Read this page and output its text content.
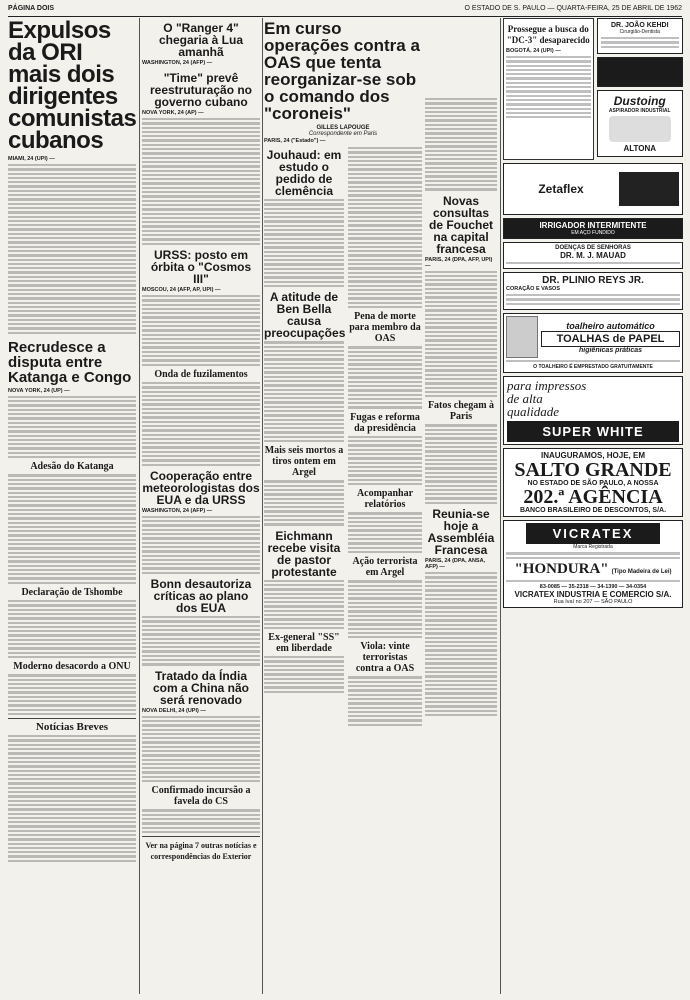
PÁGINA DOIS	O ESTADO DE S. PAULO — QUARTA-FEIRA, 25 DE ABRIL DE 1962
Expulsos da ORI mais dois dirigentes comunistas cubanos
MIAMI, 24 (UPI) —
Recrudesce a disputa entre Katanga e Congo
NOVA YORK, 24 (UP) —
Adesão do Katanga
Declaração de Tshombe
Moderno desacordo a ONU
Notícias Breves
"Time" prevê reestruturação no governo cubano
NOVA YORK, 24 (AP) —
URSS: posto em órbita o "Cosmos III"
MOSCOU, 24 (AFP, AP, UPI) —
Onda de fuzilamentos
Cooperação entre meteorologistas dos EUA e da URSS
WASHINGTON, 24 (AFP) —
Bonn desautoriza críticas ao plano dos EUA
Tratado da Índia com a China não será renovado
NOVA DELHI, 24 (UPI) —
Confirmado incursão a favela do CS
Ver na página 7 outras notícias e correspondências do Exterior
O "Ranger 4" chegaria à Lua amanhã
WASHINGTON, 24 (AFP) —
Em curso operações contra a OAS que tenta reorganizar-se sob o comando dos "coroneis"
GILLES LAPOUGE
Correspondente em Paris
PARIS, 24 ("Estado") —
Jouhaud: em estudo o pedido de clemência
A atitude de Ben Bella causa preocupações
Mais seis mortos a tiros ontem em Argel
Eichmann recebe visita de pastor protestante
Ex-general "SS" em liberdade
Pena de morte para membro da OAS
Fugas e reforma da presidência
Acompanhar relatórios
Ação terrorista em Argel
Viola: vinte terroristas contra a OAS
Novas consultas de Fouchet na capital francesa
PARIS, 24 (DPA, AFP, UPI) —
Fatos chegam à Paris
Reunia-se hoje a Assembléia Francesa
PARIS, 24 (DPA, ANSA, AFP) —
Prossegue a busca do "DC-3" desaparecido
BOGOTÁ, 24 (UPI) —
DR. JOÃO KEHDI
Cirurgião-Dentista
Dustoing
ASPIRADOR INDUSTRIAL
ALTONA
Zetaflex
IRRIGADOR INTERMITENTE
EM AÇO FUNDIDO
DOENÇAS DE SENHORAS
DR. M. J. MAUAD
DR. PLINIO REYS JR.
CORAÇÃO E VASOS
toalheiro automático
TOALHAS de PAPEL
higiênicas práticas
O TOALHEIRO É EMPRESTADO GRATUITAMENTE
para impressos
de alta
qualidade
SUPER WHITE
INAUGURAMOS, HOJE, EM
SALTO GRANDE
NO ESTADO DE SÃO PAULO, A NOSSA
202.ª AGÊNCIA
BANCO BRASILEIRO DE DESCONTOS, S/A.
VICRATEX
Marca Registrada
"HONDURA" (Tipo Madeira de Lei)
83-0085 — 35-2318 — 34-1390 — 34-0354
VICRATEX INDUSTRIA E COMERCIO S/A.
Rua Ivaí no 207 — SÃO PAULO
